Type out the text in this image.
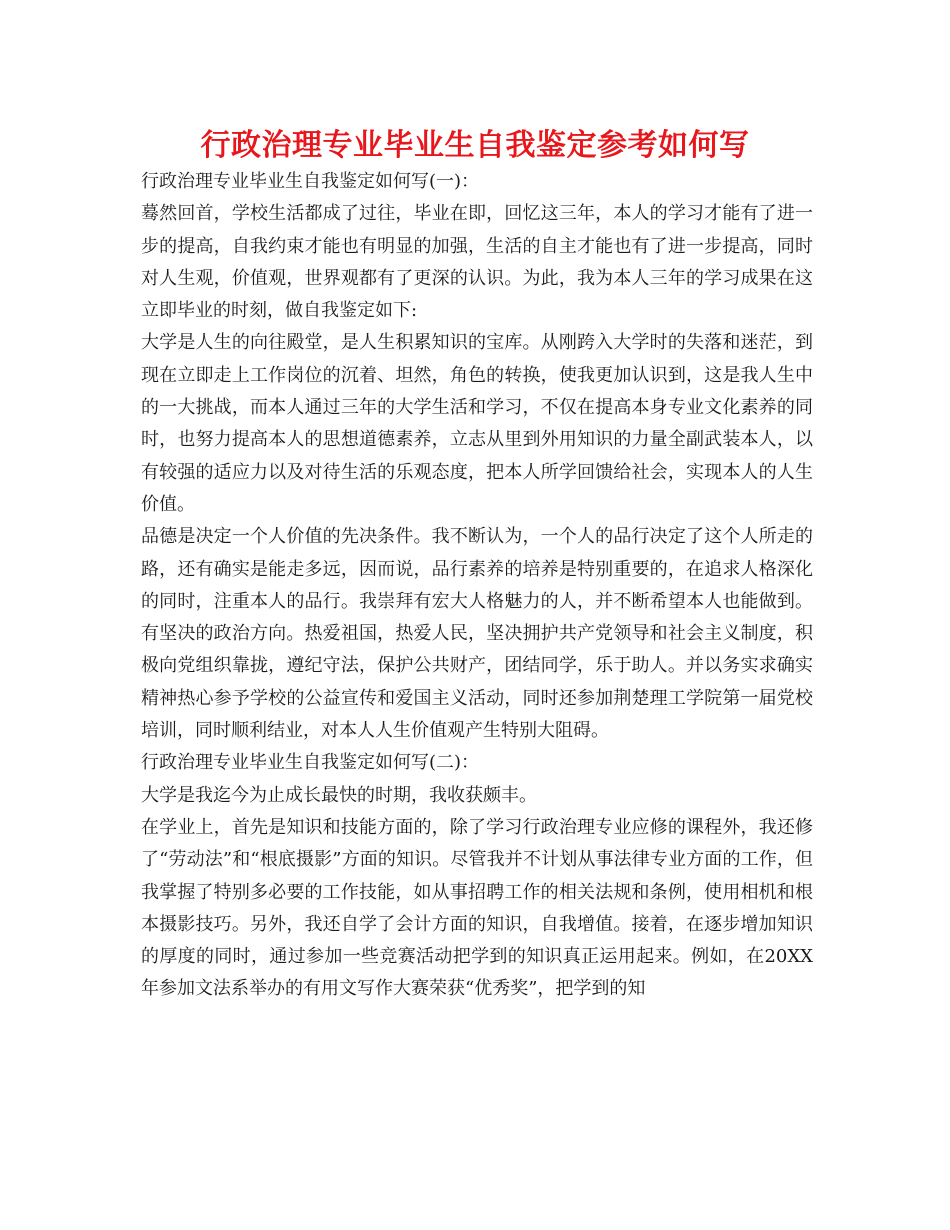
行政治理专业毕业生自我鉴定参考如何写

行政治理专业毕业生自我鉴定如何写(一)：

蓦然回首，学校生活都成了过往，毕业在即，回忆这三年，本人的学习才能有了进一步的提高，自我约束才能也有明显的加强，生活的自主才能也有了进一步提高，同时对人生观，价值观，世界观都有了更深的认识。为此，我为本人三年的学习成果在这立即毕业的时刻，做自我鉴定如下:

大学是人生的向往殿堂，是人生积累知识的宝库。从刚跨入大学时的失落和迷茫，到现在立即走上工作岗位的沉着、坦然，角色的转换，使我更加认识到，这是我人生中的一大挑战，而本人通过三年的大学生活和学习，不仅在提高本身专业文化素养的同时，也努力提高本人的思想道德素养，立志从里到外用知识的力量全副武装本人，以有较强的适应力以及对待生活的乐观态度，把本人所学回馈给社会，实现本人的人生价值。

品德是决定一个人价值的先决条件。我不断认为，一个人的品行决定了这个人所走的路，还有确实是能走多远，因而说，品行素养的培养是特别重要的，在追求人格深化的同时，注重本人的品行。我崇拜有宏大人格魅力的人，并不断希望本人也能做到。有坚决的政治方向。热爱祖国，热爱人民，坚决拥护共产党领导和社会主义制度，积极向党组织靠拢，遵纪守法，保护公共财产，团结同学，乐于助人。并以务实求确实精神热心参予学校的公益宣传和爱国主义活动，同时还参加荆楚理工学院第一届党校培训，同时顺利结业，对本人人生价值观产生特别大阻碍。

行政治理专业毕业生自我鉴定如何写(二)：

大学是我迄今为止成长最快的时期，我收获颇丰。

在学业上，首先是知识和技能方面的，除了学习行政治理专业应修的课程外，我还修了“劳动法”和“根底摄影”方面的知识。尽管我并不计划从事法律专业方面的工作，但我掌握了特别多必要的工作技能，如从事招聘工作的相关法规和条例，使用相机和根本摄影技巧。另外，我还自学了会计方面的知识，自我增值。接着，在逐步增加知识的厚度的同时，通过参加一些竞赛活动把学到的知识真正运用起来。例如，在20XX年参加文法系举办的有用文写作大赛荣获“优秀奖”，把学到的知
